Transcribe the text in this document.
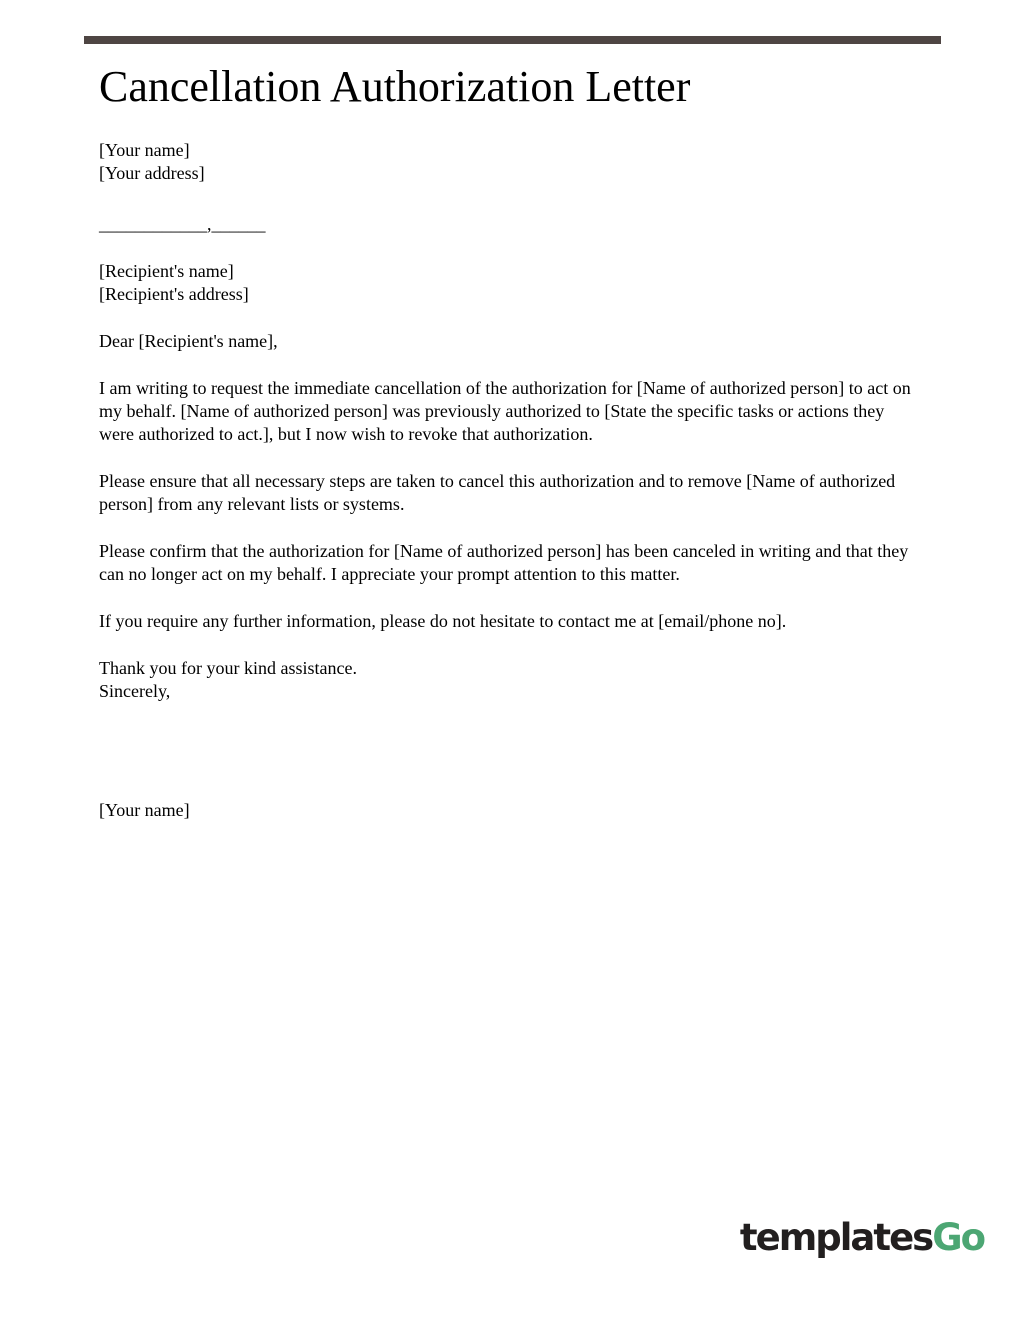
Cancellation Authorization Letter

[Your name]

[Your address]

____________,______

[Recipient's name]

[Recipient's address]

Dear [Recipient's name],

I am writing to request the immediate cancellation of the authorization for [Name of authorized person] to act on my behalf. [Name of authorized person] was previously authorized to [State the specific tasks or actions they were authorized to act.], but I now wish to revoke that authorization.

Please ensure that all necessary steps are taken to cancel this authorization and to remove [Name of authorized person] from any relevant lists or systems.

Please confirm that the authorization for [Name of authorized person] has been canceled in writing and that they can no longer act on my behalf. I appreciate your prompt attention to this matter.

If you require any further information, please do not hesitate to contact me at [email/phone no].

Thank you for your kind assistance.

Sincerely,

[Your name]

templatesGo
